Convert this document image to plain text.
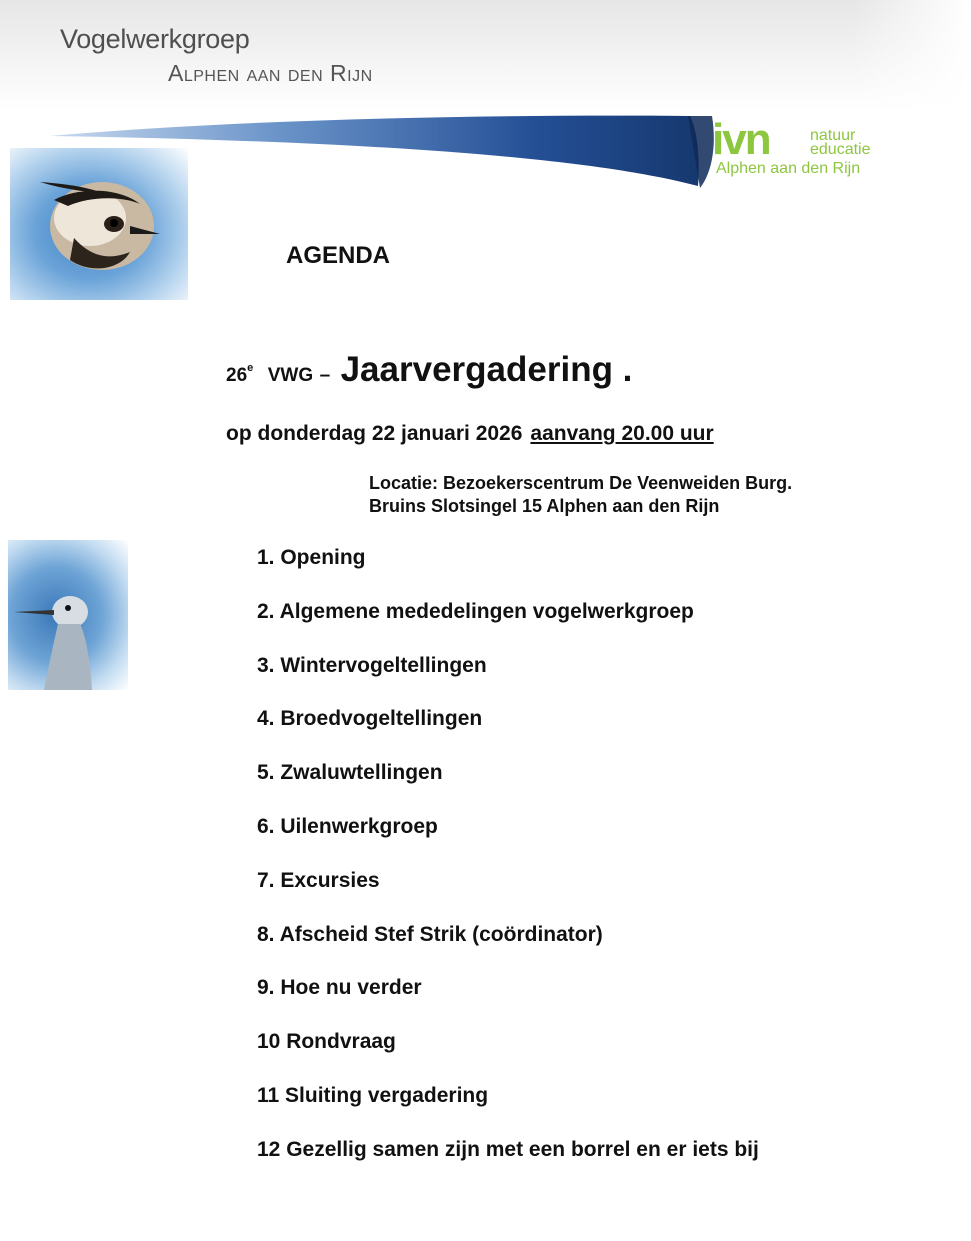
Vogelwerkgroep
Alphen aan den Rijn
ivn	natuur
educatie
Alphen aan den Rijn
AGENDA
26e VWG – Jaarvergadering .
op donderdag 22 januari 2026 aanvang 20.00 uur
Locatie: Bezoekerscentrum De Veenweiden Burg.
Bruins Slotsingel 15 Alphen aan den Rijn
1. Opening
2. Algemene mededelingen vogelwerkgroep
3. Wintervogeltellingen
4. Broedvogeltellingen
5. Zwaluwtellingen
6. Uilenwerkgroep
7. Excursies
8. Afscheid Stef Strik (coördinator)
9. Hoe nu verder
10 Rondvraag
11 Sluiting vergadering
12 Gezellig samen zijn met een borrel en er iets bij
